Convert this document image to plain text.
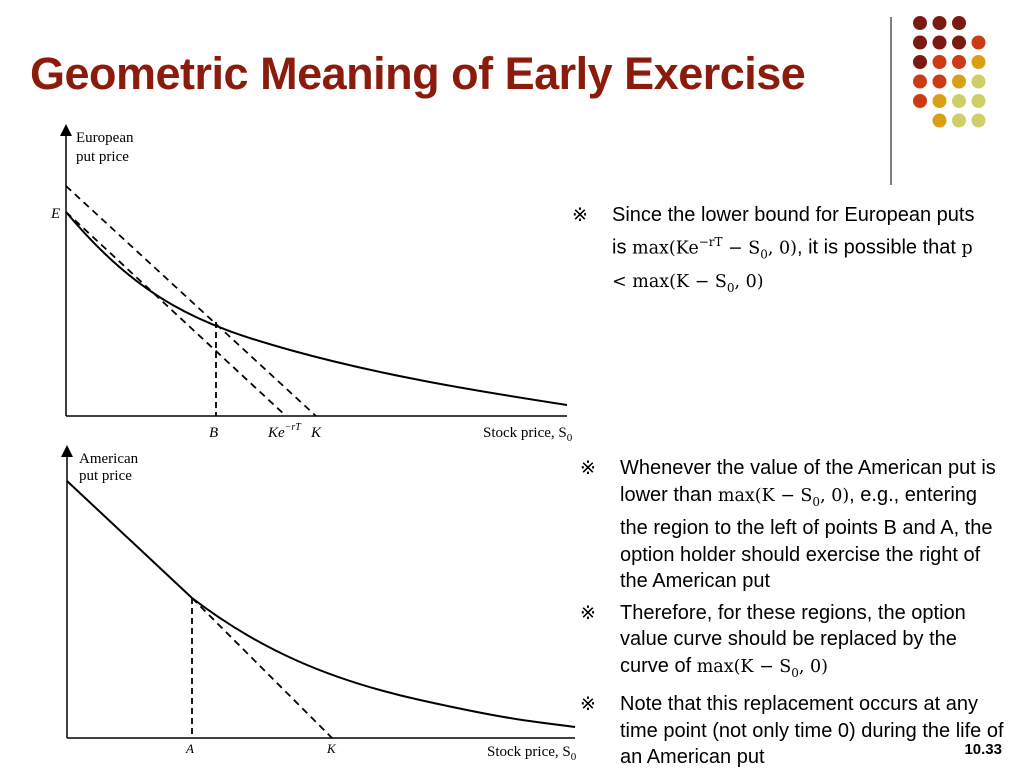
Geometric Meaning of Early Exercise
European
put price
E
B	$Ke^{-rT}$ K	Stock price, $S_0$
American
put price
A	K	Stock price, $S_0$
※ Since the lower bound for European puts is $\max(Ke^{-rT} - S_0$, 0), it is possible that $p < \max(K - S_0$, 0)
※ Whenever the value of the American put is lower than $\max(K - S_0$, 0), e.g., entering the region to the left of points B and A, the option holder should exercise the right of the American put
※ Therefore, for these regions, the option value curve should be replaced by the curve of $\max(K - S_0$, 0)
※ Note that this replacement occurs at any time point (not only time 0) during the life of an American put	10.33
